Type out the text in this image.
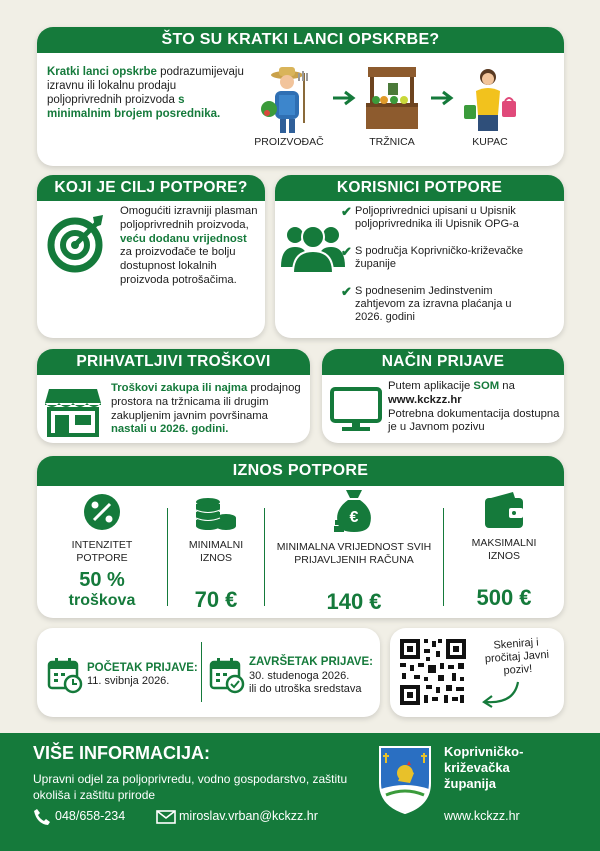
ŠTO SU KRATKI LANCI OPSKRBE?
Kratki lanci opskrbe podrazumijevaju izravnu ili lokalnu prodaju poljoprivrednih proizvoda s minimalnim brojem posrednika.
PROIZVOĐAČ	TRŽNICA	KUPAC
KOJI JE CILJ POTPORE?
Omogućiti izravniji plasman poljoprivrednih proizvoda, veću dodanu vrijednost za proizvođače te bolju dostupnost lokalnih proizvoda potrošačima.
KORISNICI POTPORE
✔ Poljoprivrednici upisani u Upisnik poljoprivrednika ili Upisnik OPG-a
✔ S područja Koprivničko-križevačke županije
✔ S podnesenim Jedinstvenim zahtjevom za izravna plaćanja u 2026. godini
PRIHVATLJIVI TROŠKOVI
Troškovi zakupa ili najma prodajnog prostora na tržnicama ili drugim zakupljenim javnim površinama nastali u 2026. godini.
NAČIN PRIJAVE
Putem aplikacije SOM na
www.kckzz.hr
Potrebna dokumentacija dostupna je u Javnom pozivu
IZNOS POTPORE
INTENZITET POTPORE
50 %
troškova
MINIMALNI IZNOS
70 €
€
MINIMALNA VRIJEDNOST SVIH PRIJAVLJENIH RAČUNA
140 €
MAKSIMALNI IZNOS
500 €
POČETAK PRIJAVE:
11. svibnja 2026.
ZAVRŠETAK PRIJAVE:
30. studenoga 2026.
ili do utroška sredstava
Skeniraj i pročitaj Javni poziv!
VIŠE INFORMACIJA:
Upravni odjel za poljoprivredu, vodno gospodarstvo, zaštitu okoliša i zaštitu prirode
048/658-234	miroslav.vrban@kckzz.hr
Koprivničko-
križevačka
županija
www.kckzz.hr
